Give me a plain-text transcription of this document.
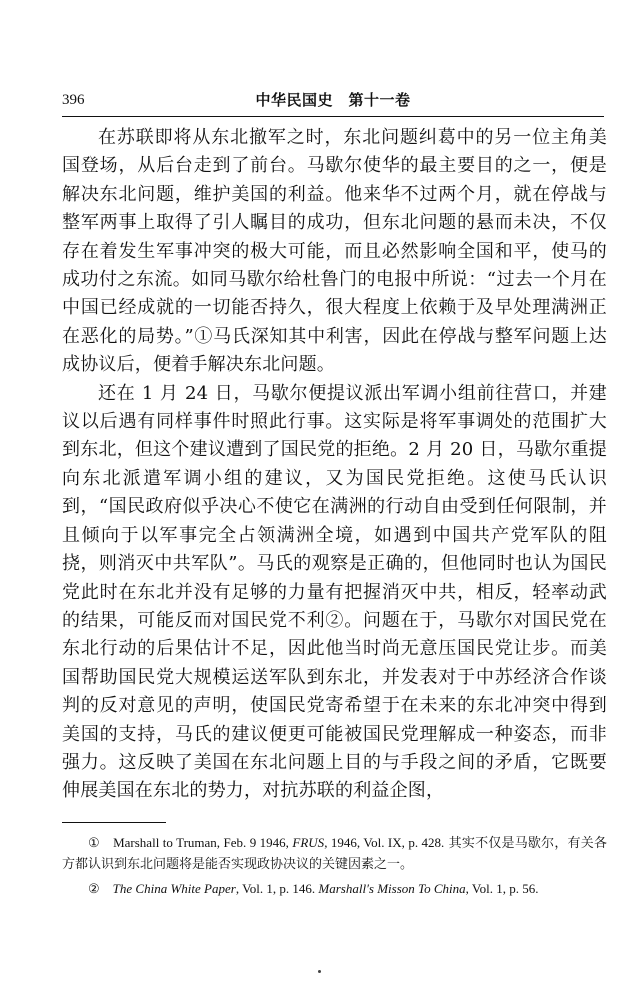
396	中华民国史　第十一卷

在苏联即将从东北撤军之时，东北问题纠葛中的另一位主角美国登场，从后台走到了前台。马歇尔使华的最主要目的之一，便是解决东北问题，维护美国的利益。他来华不过两个月，就在停战与整军两事上取得了引人瞩目的成功，但东北问题的悬而未决，不仅存在着发生军事冲突的极大可能，而且必然影响全国和平，使马的成功付之东流。如同马歇尔给杜鲁门的电报中所说：“过去一个月在中国已经成就的一切能否持久，很大程度上依赖于及早处理满洲正在恶化的局势。”①马氏深知其中利害，因此在停战与整军问题上达成协议后，便着手解决东北问题。

还在 1 月 24 日，马歇尔便提议派出军调小组前往营口，并建议以后遇有同样事件时照此行事。这实际是将军事调处的范围扩大到东北，但这个建议遭到了国民党的拒绝。2 月 20 日，马歇尔重提向东北派遣军调小组的建议，又为国民党拒绝。这使马氏认识到，“国民政府似乎决心不使它在满洲的行动自由受到任何限制，并且倾向于以军事完全占领满洲全境，如遇到中国共产党军队的阻挠，则消灭中共军队”。马氏的观察是正确的，但他同时也认为国民党此时在东北并没有足够的力量有把握消灭中共，相反，轻率动武的结果，可能反而对国民党不利②。问题在于，马歇尔对国民党在东北行动的后果估计不足，因此他当时尚无意压国民党让步。而美国帮助国民党大规模运送军队到东北，并发表对于中苏经济合作谈判的反对意见的声明，使国民党寄希望于在未来的东北冲突中得到美国的支持，马氏的建议便更可能被国民党理解成一种姿态，而非强力。这反映了美国在东北问题上目的与手段之间的矛盾，它既要伸展美国在东北的势力，对抗苏联的利益企图，

①　 Marshall to Truman, Feb. 9 1946, FRUS, 1946, Vol. IX, p. 428. 其实不仅是马歇尔，有关各方都认识到东北问题将是能否实现政协决议的关键因素之一。

②　 The China White Paper, Vol. 1, p. 146. Marshall′s Misson To China, Vol. 1, p. 56.
